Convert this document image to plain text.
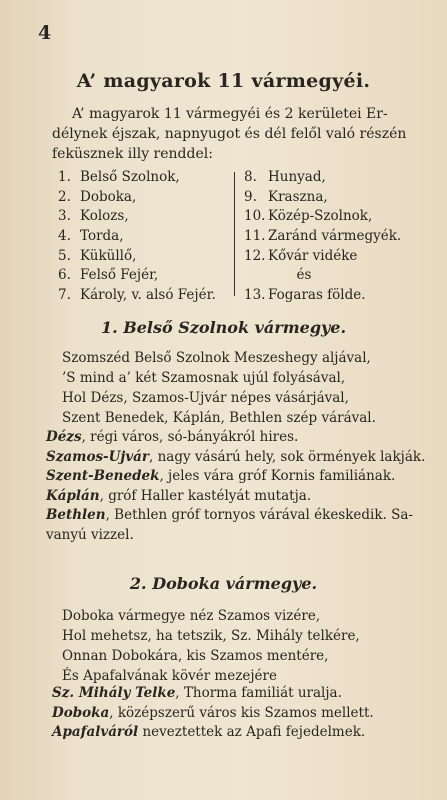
4
A’ magyarok 11 vármegyéi.
A’ magyarok 11 vármegyéi és 2 kerületei Er-
délynek éjszak, napnyugot és dél felől való részén
feküsznek illy renddel:
1. Belső Szolnok,
2. Doboka,
3. Kolozs,
4. Torda,
5. Küküllő,
6. Felső Fejér,
7. Károly, v. alsó Fejér.
8. Hunyad,
9. Kraszna,
10. Közép-Szolnok,
11. Zaránd vármegyék.
12. Kővár vidéke
és
13. Fogaras földe.
1. Belső Szolnok vármegye.
Szomszéd Belső Szolnok Meszeshegy aljával,
’S mind a’ két Szamosnak ujúl folyásával,
Hol Dézs, Szamos-Ujvár népes vásárjával,
Szent Benedek, Káplán, Bethlen szép várával.

Dézs, régi város, só-bányákról hires.

Szamos-Ujvár, nagy vásárú hely, sok örmények lakják.

Szent-Benedek, jeles vára gróf Kornis familiának.

Káplán, gróf Haller kastélyát mutatja.

Bethlen, Bethlen gróf tornyos várával ékeskedik. Sa-vanyú vizzel.

2. Doboka vármegye.
Doboka vármegye néz Szamos vizére,
Hol mehetsz, ha tetszik, Sz. Mihály telkére,
Onnan Dobokára, kis Szamos mentére,
És Apafalvának kövér mezejére

Sz. Mihály Telke, Thorma familiát uralja.

Doboka, középszerű város kis Szamos mellett.

Apafalváról neveztettek az Apafi fejedelmek.
